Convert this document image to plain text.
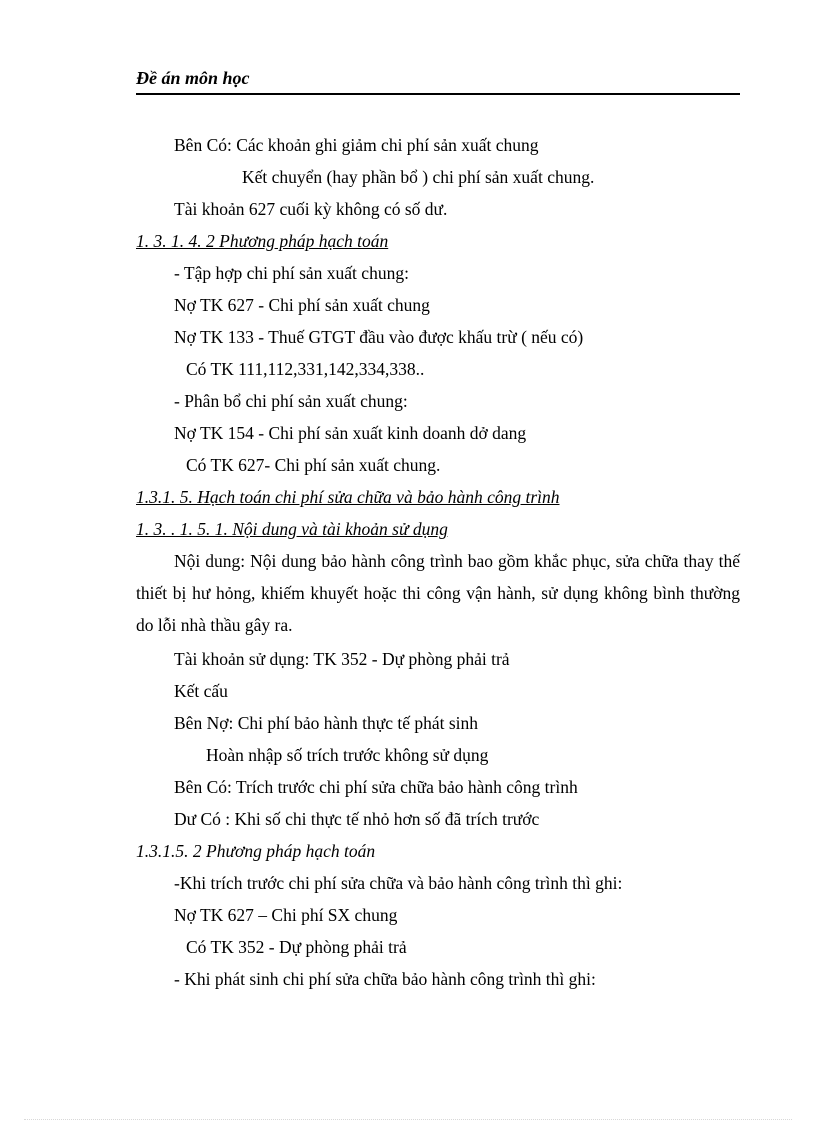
Đề án môn học
Bên Có: Các khoản ghi giảm chi phí sản xuất chung
Kết chuyển (hay phần bổ ) chi phí sản xuất chung.
Tài khoản 627 cuối kỳ không có số dư.
1. 3. 1. 4. 2 Phương pháp hạch toán
- Tập hợp chi phí sản xuất chung:
Nợ TK 627 - Chi phí sản xuất chung
Nợ TK 133 - Thuế GTGT đầu vào được khấu trừ ( nếu có)
Có TK 111,112,331,142,334,338..
- Phân bổ chi phí sản xuất chung:
Nợ TK 154 - Chi phí sản xuất kinh doanh dở dang
Có TK 627- Chi phí sản xuất chung.
1.3.1. 5. Hạch toán chi phí sửa chữa và bảo hành công trình
1. 3. . 1. 5. 1. Nội dung và tài khoản sử dụng
Nội dung: Nội dung bảo hành công trình bao gồm khắc phục, sửa chữa thay thế thiết bị hư hỏng, khiếm khuyết hoặc thi công vận hành, sử dụng không bình thường do lỗi nhà thầu gây ra.
Tài khoản sử dụng: TK 352 - Dự phòng phải trả
Kết cấu
Bên Nợ: Chi phí bảo hành thực tế phát sinh
Hoàn nhập số trích trước không sử dụng
Bên Có: Trích trước chi phí sửa chữa bảo hành công trình
Dư Có : Khi số chi thực tế nhỏ hơn số đã trích trước
1.3.1.5. 2 Phương pháp hạch toán
-Khi trích trước chi phí sửa chữa và bảo hành công trình thì ghi:
Nợ TK 627 – Chi phí SX chung
Có TK 352 - Dự phòng phải trả
- Khi phát sinh chi phí sửa chữa bảo hành công trình thì ghi:
